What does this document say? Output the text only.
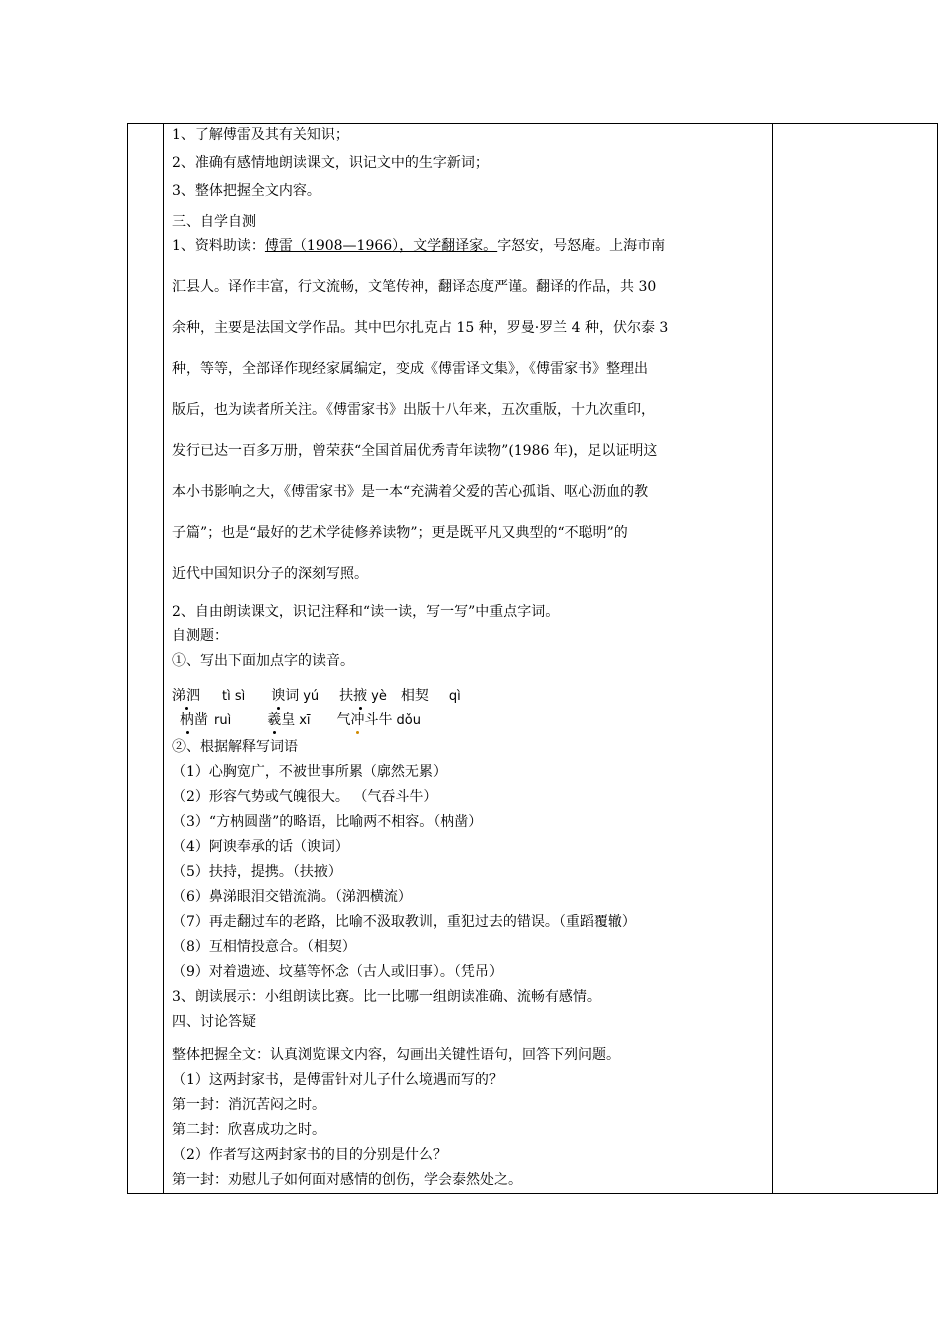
1、了解傅雷及其有关知识；
2、准确有感情地朗读课文，识记文中的生字新词；
3、整体把握全文内容。
三、自学自测
1、资料助读：傅雷（1908—1966），文学翻译家。字怒安，号怒庵。上海市南
汇县人。译作丰富，行文流畅，文笔传神，翻译态度严谨。翻译的作品，共 30
余种，主要是法国文学作品。其中巴尔扎克占 15 种，罗曼·罗兰 4 种，伏尔泰 3
种，等等，全部译作现经家属编定，变成《傅雷译文集》，《傅雷家书》整理出
版后，也为读者所关注。《傅雷家书》出版十八年来，五次重版，十九次重印，
发行已达一百多万册，曾荣获“全国首届优秀青年读物”(1986 年)，足以证明这
本小书影响之大，《傅雷家书》是一本“充满着父爱的苦心孤诣、呕心沥血的教
子篇”；也是“最好的艺术学徒修养读物”；更是既平凡又典型的“不聪明”的
近代中国知识分子的深刻写照。
2、自由朗读课文，识记注释和“读一读，写一写”中重点字词。
自测题：
①、写出下面加点字的读音。
涕泗 tì sì 谀词 yú 扶掖 yè 相契 qì
枘凿 ruì	羲皇 xī 气冲斗牛 dǒu
②、根据解释写词语
（1）心胸宽广，不被世事所累（廓然无累）
（2）形容气势或气魄很大。 （气吞斗牛）
（3）“方枘圆凿”的略语，比喻两不相容。（枘凿）
（4）阿谀奉承的话（谀词）
（5）扶持，提携。（扶掖）
（6）鼻涕眼泪交错流淌。（涕泗横流）
（7）再走翻过车的老路，比喻不汲取教训，重犯过去的错误。（重蹈覆辙）
（8）互相情投意合。（相契）
（9）对着遗迹、坟墓等怀念（古人或旧事）。（凭吊）
3、朗读展示：小组朗读比赛。比一比哪一组朗读准确、流畅有感情。
四、讨论答疑
整体把握全文：认真浏览课文内容，勾画出关键性语句，回答下列问题。
（1）这两封家书，是傅雷针对儿子什么境遇而写的？
第一封：消沉苦闷之时。
第二封：欣喜成功之时。
（2）作者写这两封家书的目的分别是什么？
第一封：劝慰儿子如何面对感情的创伤，学会泰然处之。
